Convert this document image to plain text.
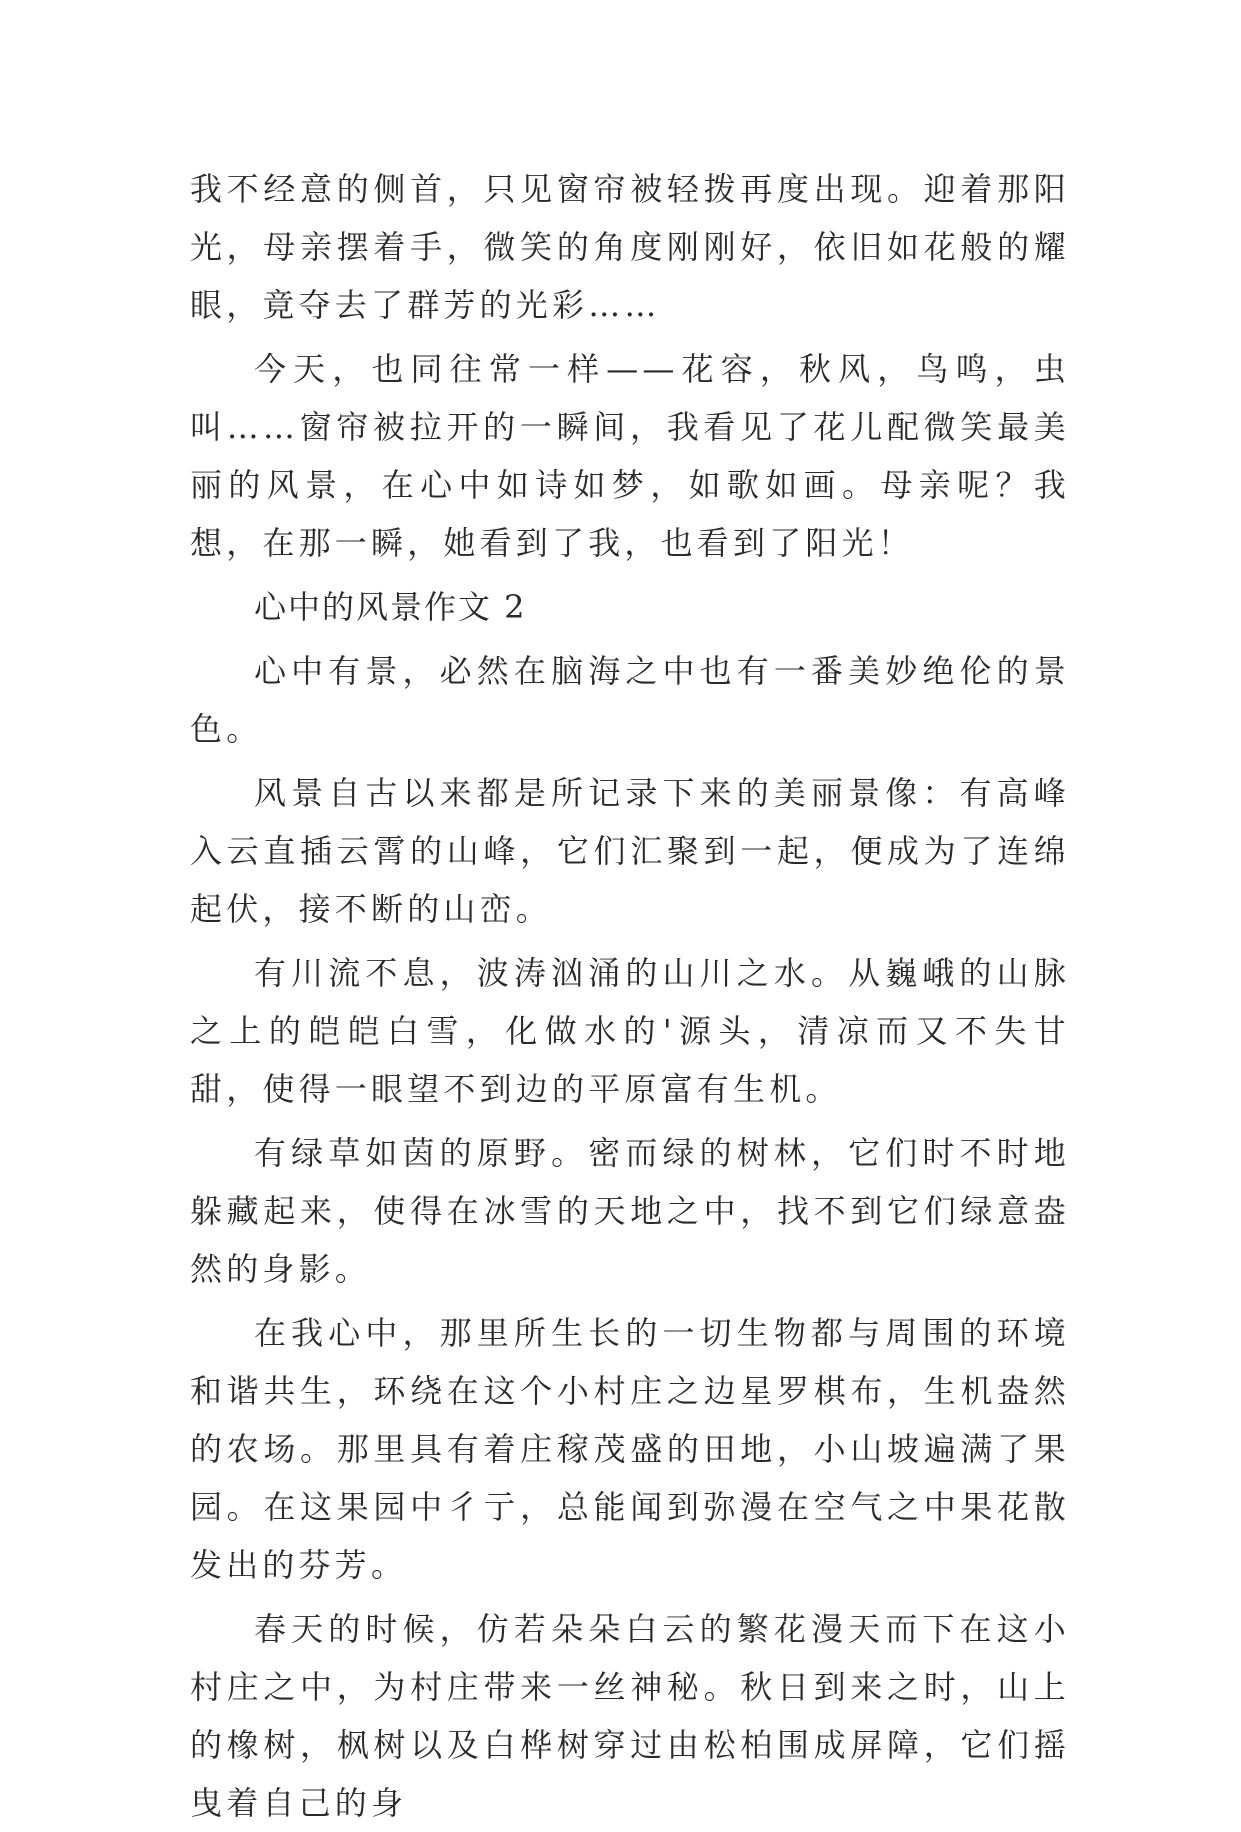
我不经意的侧首，只见窗帘被轻拨再度出现。迎着那阳光，母亲摆着手，微笑的角度刚刚好，依旧如花般的耀眼，竟夺去了群芳的光彩……

今天，也同往常一样——花容，秋风，鸟鸣，虫叫……窗帘被拉开的一瞬间，我看见了花儿配微笑最美丽的风景，在心中如诗如梦，如歌如画。母亲呢？我想，在那一瞬，她看到了我，也看到了阳光！

心中的风景作文 2

心中有景，必然在脑海之中也有一番美妙绝伦的景色。

风景自古以来都是所记录下来的美丽景像：有高峰入云直插云霄的山峰，它们汇聚到一起，便成为了连绵起伏，接不断的山峦。

有川流不息，波涛汹涌的山川之水。从巍峨的山脉之上的皑皑白雪，化做水的'源头，清凉而又不失甘甜，使得一眼望不到边的平原富有生机。

有绿草如茵的原野。密而绿的树林，它们时不时地躲藏起来，使得在冰雪的天地之中，找不到它们绿意盎然的身影。

在我心中，那里所生长的一切生物都与周围的环境和谐共生，环绕在这个小村庄之边星罗棋布，生机盎然的农场。那里具有着庄稼茂盛的田地，小山坡遍满了果园。在这果园中彳亍，总能闻到弥漫在空气之中果花散发出的芬芳。

春天的时候，仿若朵朵白云的繁花漫天而下在这小村庄之中，为村庄带来一丝神秘。秋日到来之时，山上的橡树，枫树以及白桦树穿过由松柏围成屏障，它们摇曳着自己的身
